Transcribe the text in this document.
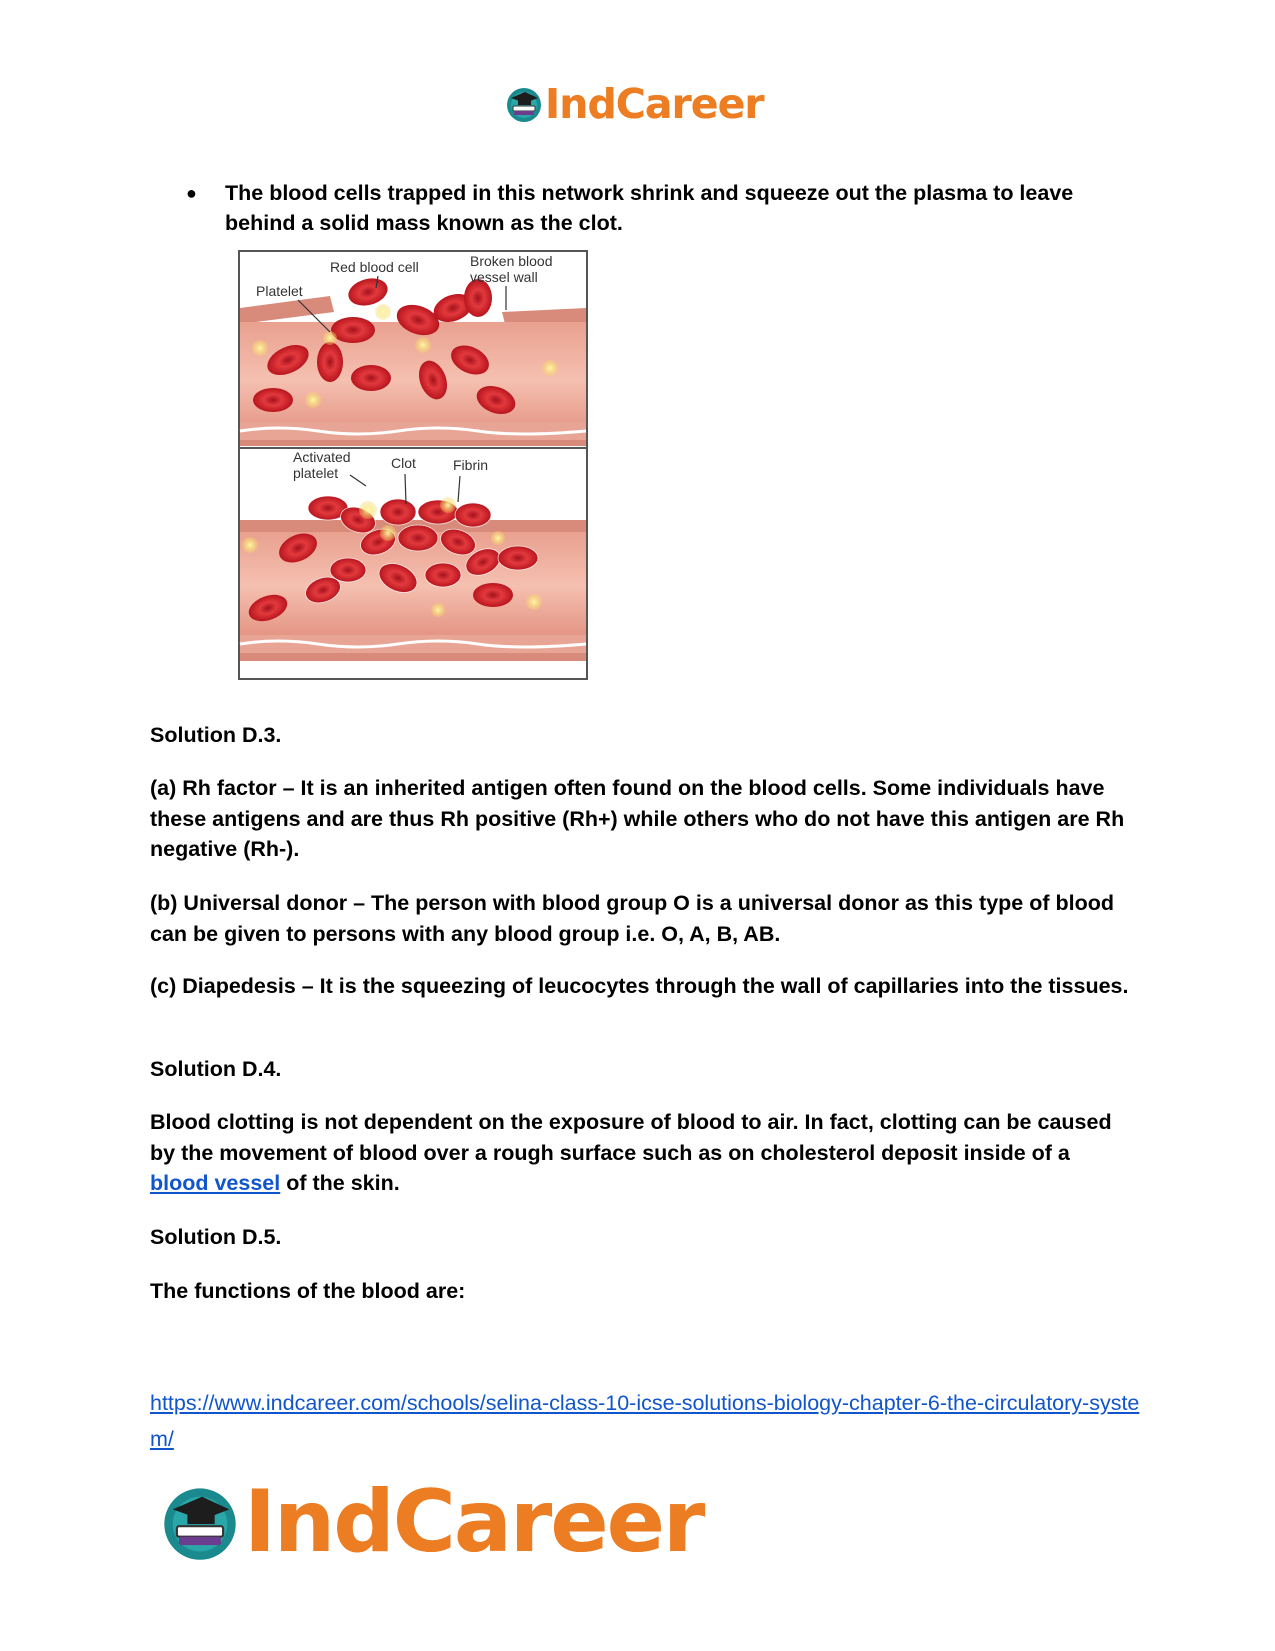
IndCareer
●	The blood cells trapped in this network shrink and squeeze out the plasma to leave behind a solid mass known as the clot.
Red blood cell	Broken blood
vessel wall
Platelet
Activated
platelet
Clot	Fibrin
Solution D.3.
(a) Rh factor – It is an inherited antigen often found on the blood cells. Some individuals have these antigens and are thus Rh positive (Rh+) while others who do not have this antigen are Rh negative (Rh-).
(b) Universal donor – The person with blood group O is a universal donor as this type of blood can be given to persons with any blood group i.e. O, A, B, AB.
(c) Diapedesis – It is the squeezing of leucocytes through the wall of capillaries into the tissues.
Solution D.4.
Blood clotting is not dependent on the exposure of blood to air. In fact, clotting can be caused by the movement of blood over a rough surface such as on cholesterol deposit inside of a blood vessel of the skin.
Solution D.5.
The functions of the blood are:
https://www.indcareer.com/schools/selina-class-10-icse-solutions-biology-chapter-6-the-circulatory-system/
IndCareer
